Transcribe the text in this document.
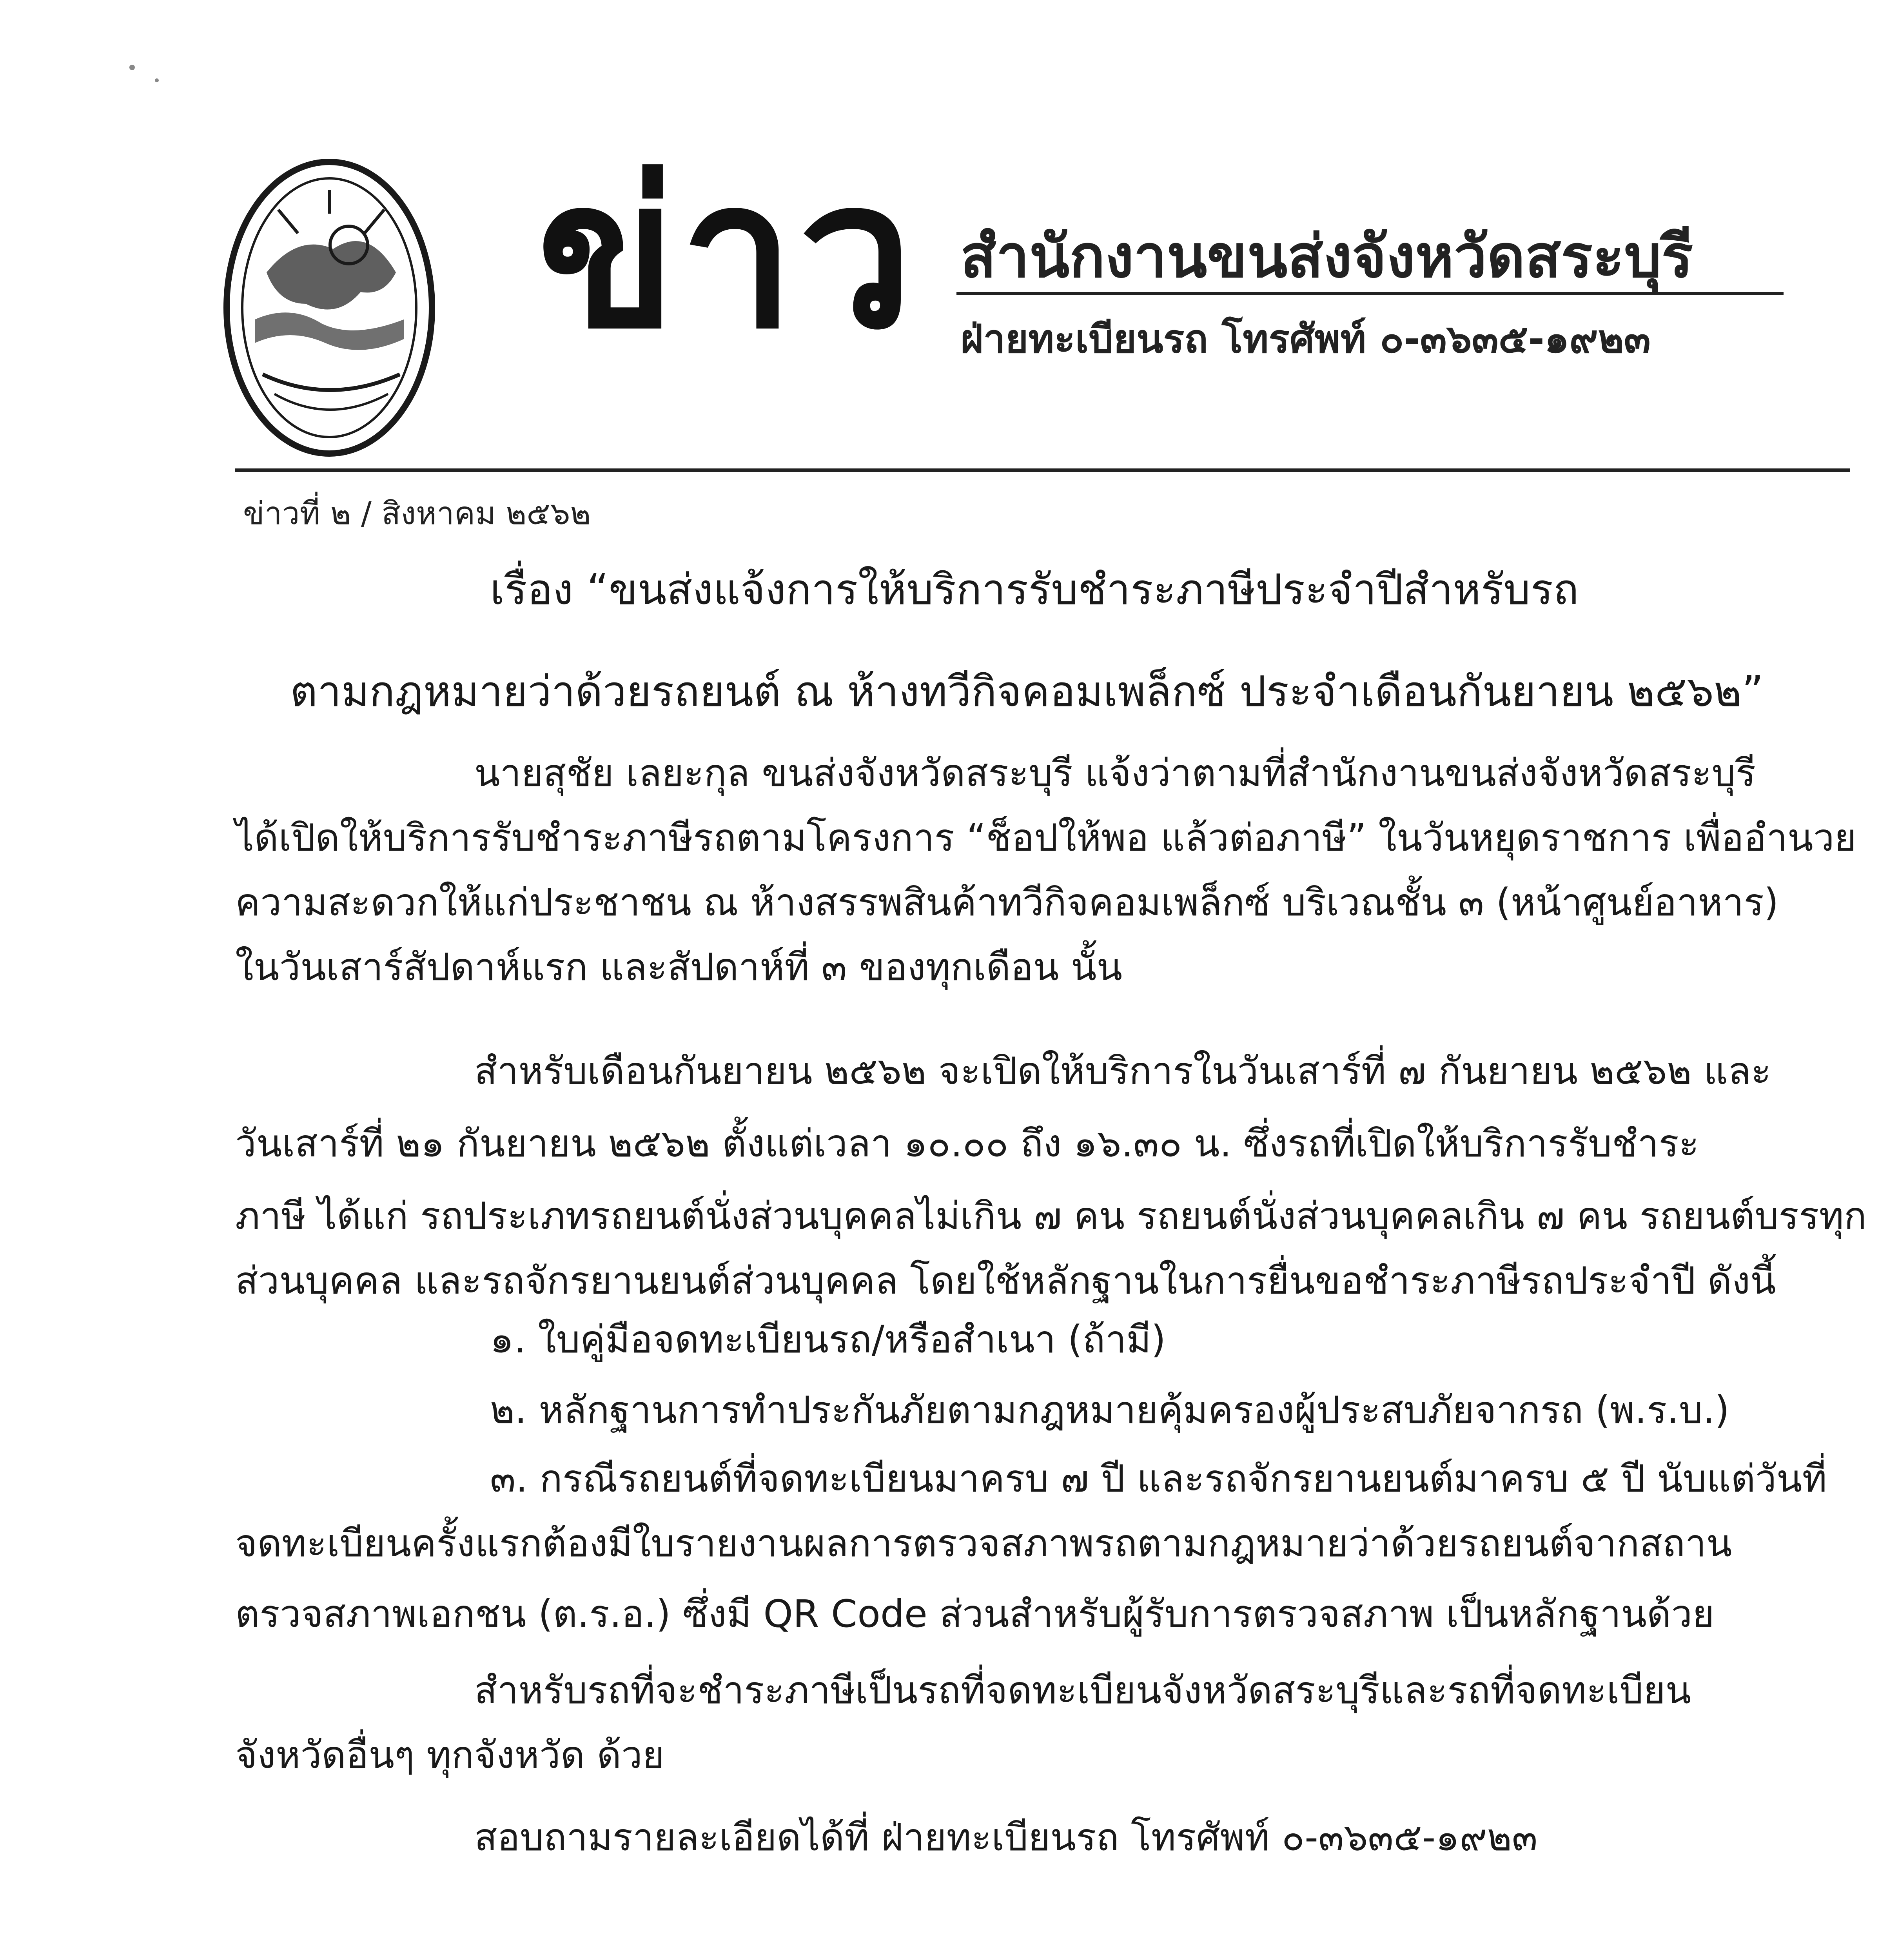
ข่าว สำนักงานขนส่งจังหวัดสระบุรี
ฝ่ายทะเบียนรถ โทรศัพท์ ๐-๓๖๓๕-๑๙๒๓
ข่าวที่ ๒ / สิงหาคม ๒๕๖๒
เรื่อง “ขนส่งแจ้งการให้บริการรับชำระภาษีประจำปีสำหรับรถ
ตามกฎหมายว่าด้วยรถยนต์ ณ ห้างทวีกิจคอมเพล็กซ์ ประจำเดือนกันยายน ๒๕๖๒”
นายสุชัย เลยะกุล ขนส่งจังหวัดสระบุรี แจ้งว่าตามที่สำนักงานขนส่งจังหวัดสระบุรี
ได้เปิดให้บริการรับชำระภาษีรถตามโครงการ “ช็อปให้พอ แล้วต่อภาษี” ในวันหยุดราชการ เพื่ออำนวย
ความสะดวกให้แก่ประชาชน ณ ห้างสรรพสินค้าทวีกิจคอมเพล็กซ์ บริเวณชั้น ๓ (หน้าศูนย์อาหาร)
ในวันเสาร์สัปดาห์แรก และสัปดาห์ที่ ๓ ของทุกเดือน นั้น
สำหรับเดือนกันยายน ๒๕๖๒ จะเปิดให้บริการในวันเสาร์ที่ ๗ กันยายน ๒๕๖๒ และ
วันเสาร์ที่ ๒๑ กันยายน ๒๕๖๒ ตั้งแต่เวลา ๑๐.๐๐ ถึง ๑๖.๓๐ น. ซึ่งรถที่เปิดให้บริการรับชำระ
ภาษี ได้แก่ รถประเภทรถยนต์นั่งส่วนบุคคลไม่เกิน ๗ คน รถยนต์นั่งส่วนบุคคลเกิน ๗ คน รถยนต์บรรทุก
ส่วนบุคคล และรถจักรยานยนต์ส่วนบุคคล โดยใช้หลักฐานในการยื่นขอชำระภาษีรถประจำปี ดังนี้
๑. ใบคู่มือจดทะเบียนรถ/หรือสำเนา (ถ้ามี)
๒. หลักฐานการทำประกันภัยตามกฎหมายคุ้มครองผู้ประสบภัยจากรถ (พ.ร.บ.)
๓. กรณีรถยนต์ที่จดทะเบียนมาครบ ๗ ปี และรถจักรยานยนต์มาครบ ๕ ปี นับแต่วันที่
จดทะเบียนครั้งแรกต้องมีใบรายงานผลการตรวจสภาพรถตามกฎหมายว่าด้วยรถยนต์จากสถาน
ตรวจสภาพเอกชน (ต.ร.อ.) ซึ่งมี QR Code ส่วนสำหรับผู้รับการตรวจสภาพ เป็นหลักฐานด้วย
สำหรับรถที่จะชำระภาษีเป็นรถที่จดทะเบียนจังหวัดสระบุรีและรถที่จดทะเบียน
จังหวัดอื่นๆ ทุกจังหวัด ด้วย
สอบถามรายละเอียดได้ที่ ฝ่ายทะเบียนรถ โทรศัพท์ ๐-๓๖๓๕-๑๙๒๓
